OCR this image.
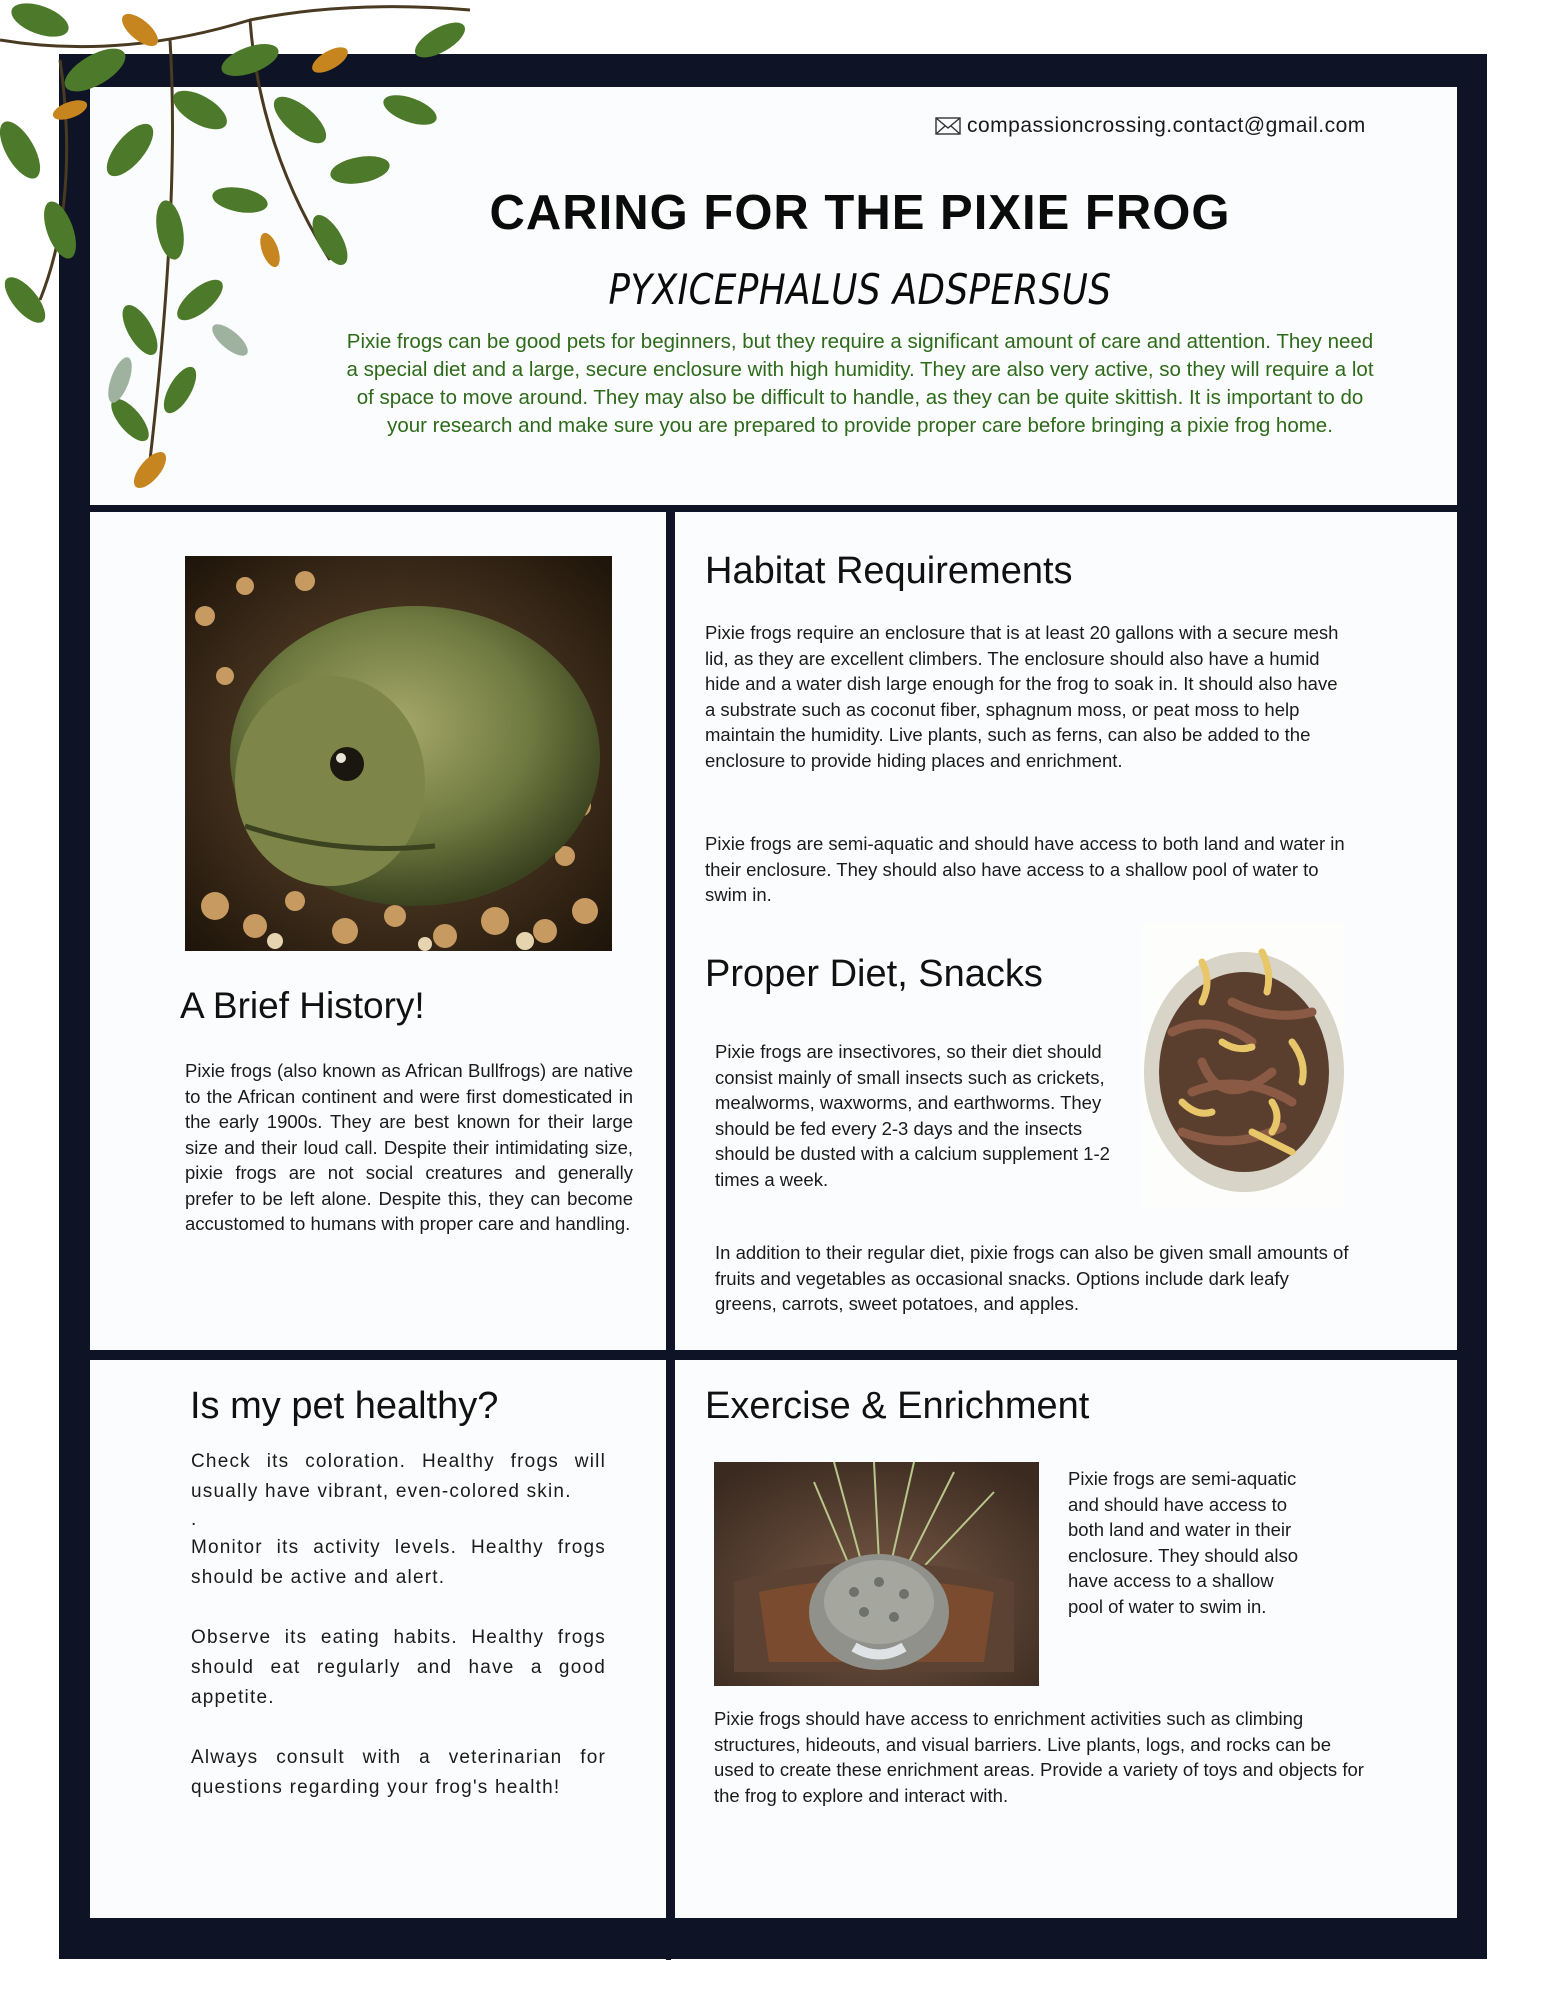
compassioncrossing.contact@gmail.com
CARING FOR THE PIXIE FROG
PYXICEPHALUS ADSPERSUS
Pixie frogs can be good pets for beginners, but they require a significant amount of care and attention. They need a special diet and a large, secure enclosure with high humidity. They are also very active, so they will require a lot of space to move around. They may also be difficult to handle, as they can be quite skittish. It is important to do your research and make sure you are prepared to provide proper care before bringing a pixie frog home.
A Brief History!
Pixie frogs (also known as African Bullfrogs) are native to the African continent and were first domesticated in the early 1900s. They are best known for their large size and their loud call. Despite their intimidating size, pixie frogs are not social creatures and generally prefer to be left alone. Despite this, they can become accustomed to humans with proper care and handling.
Habitat Requirements
Pixie frogs require an enclosure that is at least 20 gallons with a secure mesh lid, as they are excellent climbers. The enclosure should also have a humid hide and a water dish large enough for the frog to soak in. It should also have a substrate such as coconut fiber, sphagnum moss, or peat moss to help maintain the humidity. Live plants, such as ferns, can also be added to the enclosure to provide hiding places and enrichment.
Pixie frogs are semi-aquatic and should have access to both land and water in their enclosure. They should also have access to a shallow pool of water to swim in.
Proper Diet, Snacks
Pixie frogs are insectivores, so their diet should consist mainly of small insects such as crickets, mealworms, waxworms, and earthworms. They should be fed every 2-3 days and the insects should be dusted with a calcium supplement 1-2 times a week.
In addition to their regular diet, pixie frogs can also be given small amounts of fruits and vegetables as occasional snacks. Options include dark leafy greens, carrots, sweet potatoes, and apples.
Is my pet healthy?

Check its coloration. Healthy frogs will usually have vibrant, even-colored skin.

.

Monitor its activity levels. Healthy frogs should be active and alert.

Observe its eating habits. Healthy frogs should eat regularly and have a good appetite.

Always consult with a veterinarian for questions regarding your frog's health!

Exercise & Enrichment
Pixie frogs are semi-aquatic and should have access to both land and water in their enclosure. They should also have access to a shallow pool of water to swim in.
Pixie frogs should have access to enrichment activities such as climbing structures, hideouts, and visual barriers. Live plants, logs, and rocks can be used to create these enrichment areas. Provide a variety of toys and objects for the frog to explore and interact with.
